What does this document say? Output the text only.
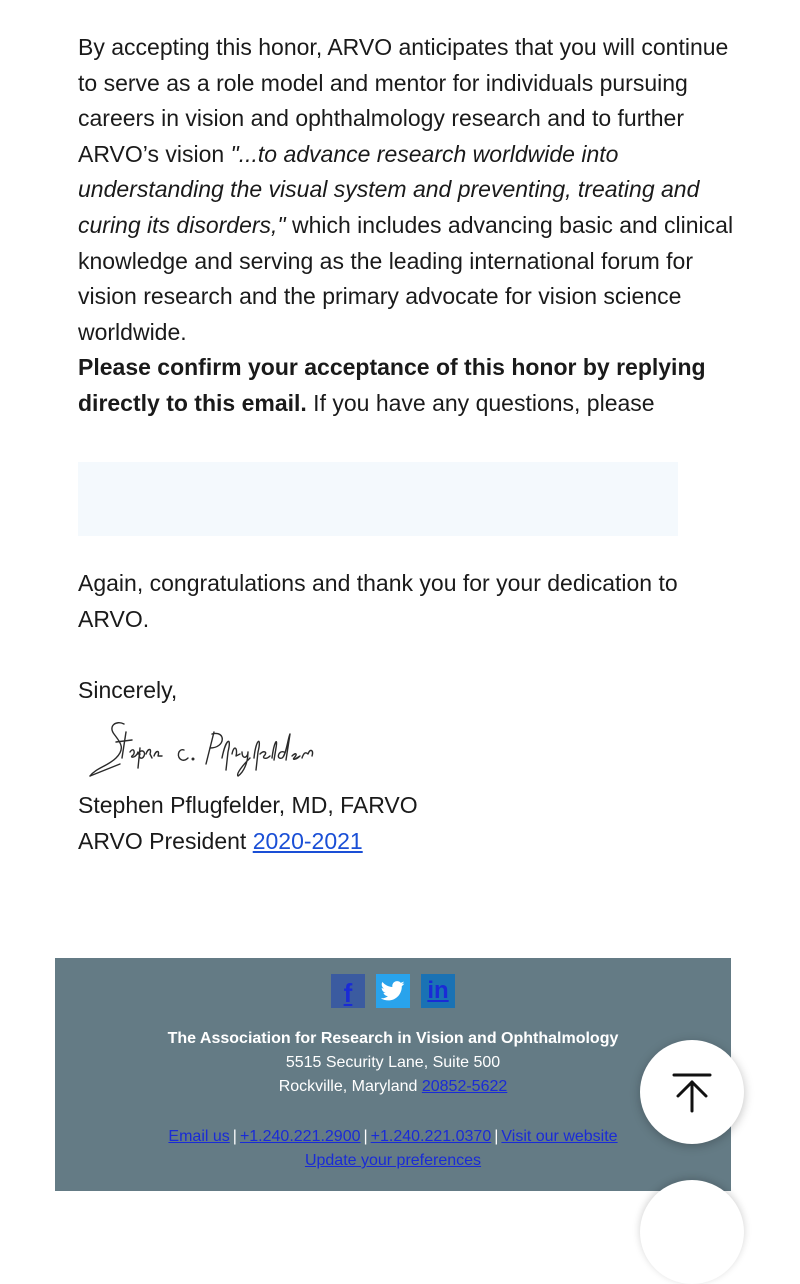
By accepting this honor, ARVO anticipates that you will continue to serve as a role model and mentor for individuals pursuing careers in vision and ophthalmology research and to further ARVO’s vision "...to advance research worldwide into understanding the visual system and preventing, treating and curing its disorders," which includes advancing basic and clinical knowledge and serving as the leading international forum for vision research and the primary advocate for vision science worldwide.

Please confirm your acceptance of this honor by replying directly to this email. If you have any questions, please

Again, congratulations and thank you for your dedication to ARVO.

Sincerely,

Stephen Pflugfelder, MD, FARVO
ARVO President 2020-2021
f	in
The Association for Research in Vision and Ophthalmology
5515 Security Lane, Suite 500
Rockville, Maryland 20852-5622
Email us | +1.240.221.2900 | +1.240.221.0370 | Visit our website
Update your preferences
